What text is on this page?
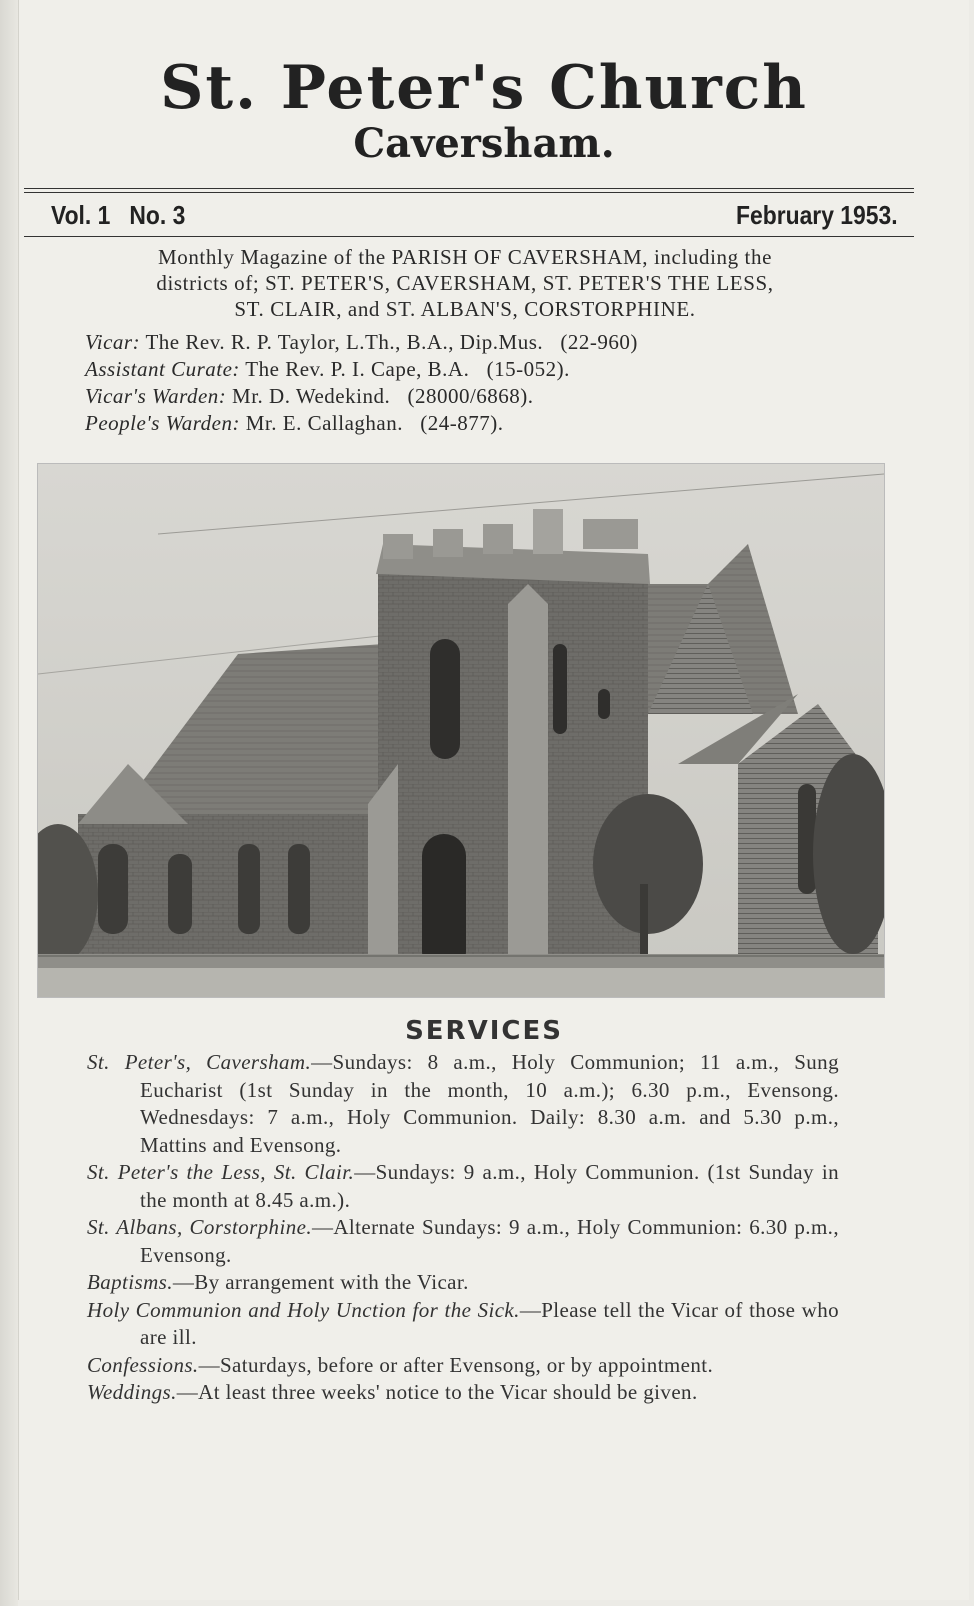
St. Peter's Church
Caversham.
Vol. 1   No. 3	February 1953.
Monthly Magazine of the PARISH OF CAVERSHAM, including the
districts of; ST. PETER'S, CAVERSHAM, ST. PETER'S THE LESS,
ST. CLAIR, and ST. ALBAN'S, CORSTORPHINE.
Vicar: The Rev. R. P. Taylor, L.Th., B.A., Dip.Mus.   (22-960)
Assistant Curate: The Rev. P. I. Cape, B.A.   (15-052).
Vicar's Warden: Mr. D. Wedekind.   (28000/6868).
People's Warden: Mr. E. Callaghan.   (24-877).
SERVICES
St. Peter's, Caversham.—Sundays: 8 a.m., Holy Communion; 11 a.m., Sung Eucharist (1st Sunday in the month, 10 a.m.); 6.30 p.m., Evensong. Wednesdays: 7 a.m., Holy Communion. Daily: 8.30 a.m. and 5.30 p.m., Mattins and Evensong.
St. Peter's the Less, St. Clair.—Sundays: 9 a.m., Holy Communion. (1st Sunday in the month at 8.45 a.m.).
St. Albans, Corstorphine.—Alternate Sundays: 9 a.m., Holy Communion: 6.30 p.m., Evensong.
Baptisms.—By arrangement with the Vicar.
Holy Communion and Holy Unction for the Sick.—Please tell the Vicar of those who are ill.
Confessions.—Saturdays, before or after Evensong, or by appointment.
Weddings.—At least three weeks' notice to the Vicar should be given.
